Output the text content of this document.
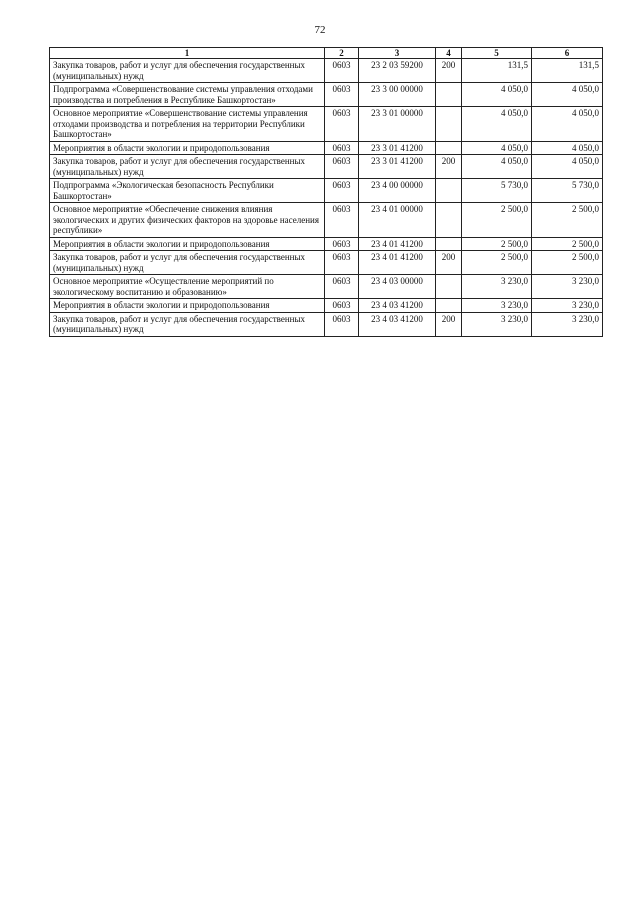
72
1	2	3	4	5	6
Закупка товаров, работ и услуг для обеспечения государственных (муниципальных) нужд	0603	23 2 03 59200	200	131,5	131,5
Подпрограмма «Совершенствование системы управления отходами производства и потребления в Республике Башкортостан»	0603	23 3 00 00000		4 050,0	4 050,0
Основное мероприятие «Совершенствование системы управления отходами производства и потребления на территории Республики Башкортостан»	0603	23 3 01 00000		4 050,0	4 050,0
Мероприятия в области экологии и природопользования	0603	23 3 01 41200		4 050,0	4 050,0
Закупка товаров, работ и услуг для обеспечения государственных (муниципальных) нужд	0603	23 3 01 41200	200	4 050,0	4 050,0
Подпрограмма «Экологическая безопасность Республики Башкортостан»	0603	23 4 00 00000		5 730,0	5 730,0
Основное мероприятие «Обеспечение снижения влияния экологических и других физических факторов на здоровье населения республики»	0603	23 4 01 00000		2 500,0	2 500,0
Мероприятия в области экологии и природопользования	0603	23 4 01 41200		2 500,0	2 500,0
Закупка товаров, работ и услуг для обеспечения государственных (муниципальных) нужд	0603	23 4 01 41200	200	2 500,0	2 500,0
Основное мероприятие «Осуществление мероприятий по экологическому воспитанию и образованию»	0603	23 4 03 00000		3 230,0	3 230,0
Мероприятия в области экологии и природопользования	0603	23 4 03 41200		3 230,0	3 230,0
Закупка товаров, работ и услуг для обеспечения государственных (муниципальных) нужд	0603	23 4 03 41200	200	3 230,0	3 230,0
